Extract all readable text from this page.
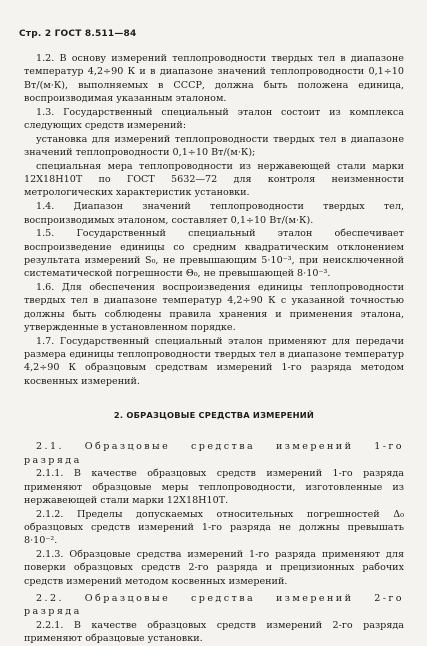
Стр. 2 ГОСТ 8.511—84

1.2. В основу измерений теплопроводности твердых тел в диапазоне температур 4,2÷90 К и в диапазоне значений теплопроводности 0,1÷10 Вт/(м·К), выполняемых в СССР, должна быть положена единица, воспроизводимая указанным эталоном.

1.3. Государственный специальный эталон состоит из комплекса следующих средств измерений:

установка для измерений теплопроводности твердых тел в диапазоне значений теплопроводности 0,1÷10 Вт/(м·К);

специальная мера теплопроводности из нержавеющей стали марки 12Х18Н10Т по ГОСТ 5632—72 для контроля неизменности метрологических характеристик установки.

1.4. Диапазон значений теплопроводности твердых тел, воспроизводимых эталоном, составляет 0,1÷10 Вт/(м·К).

1.5. Государственный специальный эталон обеспечивает воспроизведение единицы со средним квадратическим отклонением результата измерений S₀, не превышающим 5·10⁻³, при неисключенной систематической погрешности Θ₀, не превышающей 8·10⁻³.

1.6. Для обеспечения воспроизведения единицы теплопроводности твердых тел в диапазоне температур 4,2÷90 К с указанной точностью должны быть соблюдены правила хранения и применения эталона, утвержденные в установленном порядке.

1.7. Государственный специальный эталон применяют для передачи размера единицы теплопроводности твердых тел в диапазоне температур 4,2÷90 К образцовым средствам измерений 1-го разряда методом косвенных измерений.

2. ОБРАЗЦОВЫЕ СРЕДСТВА ИЗМЕРЕНИЙ

2.1. Образцовые средства измерений 1-го разряда

2.1.1. В качестве образцовых средств измерений 1-го разряда применяют образцовые меры теплопроводности, изготовленные из нержавеющей стали марки 12Х18Н10Т.

2.1.2. Пределы допускаемых относительных погрешностей Δ₀ образцовых средств измерений 1-го разряда не должны превышать 8·10⁻².

2.1.3. Образцовые средства измерений 1-го разряда применяют для поверки образцовых средств 2-го разряда и прецизионных рабочих средств измерений методом косвенных измерений.

2.2. Образцовые средства измерений 2-го разряда

2.2.1. В качестве образцовых средств измерений 2-го разряда применяют образцовые установки.
